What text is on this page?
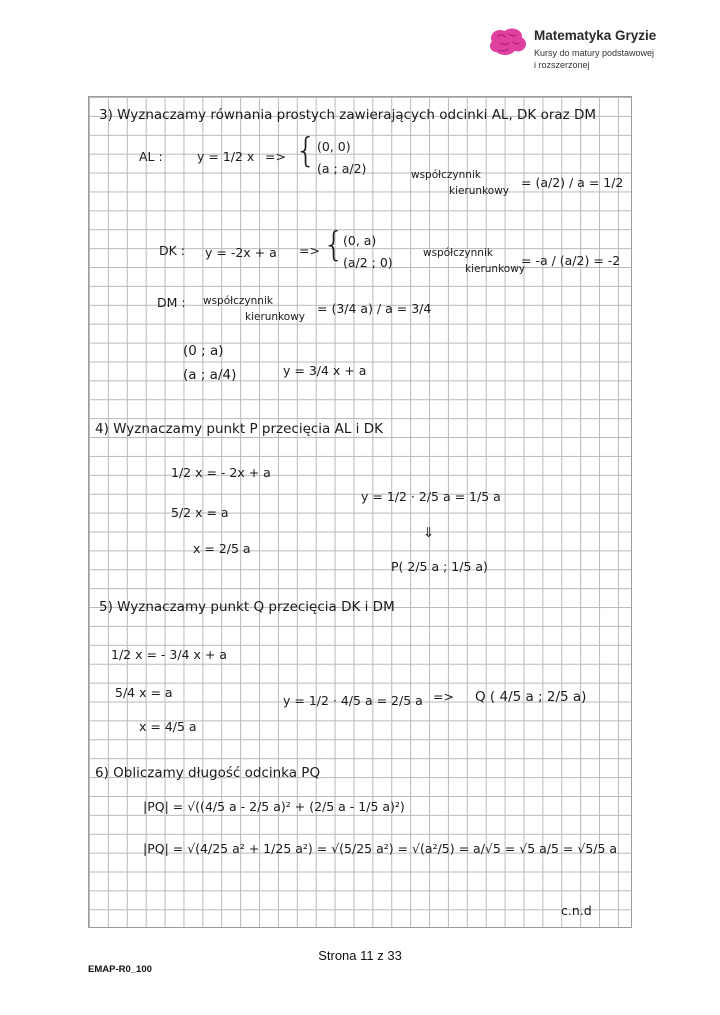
Matematyka Gryzie
Kursy do matury podstawowej
i rozszerzonej
3) Wyznaczamy równania prostych zawierających odcinki AL, DK oraz DM
AL :	y = 1/2 x => { (0, 0)
(a ; a/2)	współczynnik
kierunkowy
= (a/2) / a = 1/2
DK : y = -2x + a => {
(0, a)
(a/2 ; 0)
współczynnik
kierunkowy
= -a / (a/2) = -2
DM : współczynnik
kierunkowy
= (3/4 a) / a = 3/4
(0 ; a)
(a ; a/4)	y = 3/4 x + a
4) Wyznaczamy punkt P przecięcia AL i DK
1/2 x = - 2x + a
5/2 x = a
x = 2/5 a
y = 1/2 · 2/5 a = 1/5 a
⇓
P( 2/5 a ; 1/5 a)
5) Wyznaczamy punkt Q przecięcia DK i DM
1/2 x = - 3/4 x + a
5/4 x = a
x = 4/5 a
y = 1/2 · 4/5 a = 2/5 a => Q ( 4/5 a ; 2/5 a)
6) Obliczamy długość odcinka PQ
|PQ| = √((4/5 a - 2/5 a)² + (2/5 a - 1/5 a)²)
|PQ| = √(4/25 a² + 1/25 a²) = √(5/25 a²) = √(a²/5) = a/√5 = √5 a/5 = √5/5 a
c.n.d
Strona 11 z 33
EMAP-R0_100
